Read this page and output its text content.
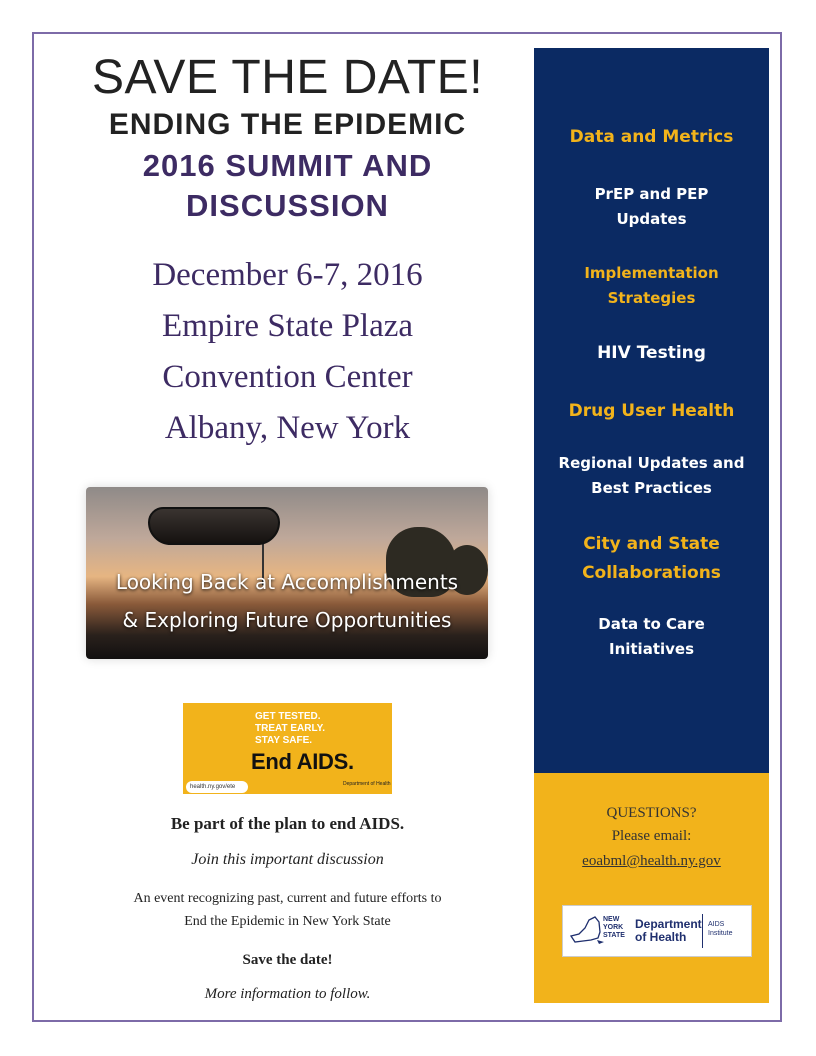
SAVE THE DATE!
ENDING THE EPIDEMIC
2016 SUMMIT AND
DISCUSSION
December 6-7, 2016
Empire State Plaza
Convention Center
Albany, New York
Looking Back at Accomplishments
& Exploring Future Opportunities
GET TESTED.
TREAT EARLY.
STAY SAFE.
End AIDS.
health.ny.gov/ete	Department of Health
Be part of the plan to end AIDS.
Join this important discussion
An event recognizing past, current and future efforts to
End the Epidemic in New York State
Save the date!
More information to follow.
Data and Metrics
PrEP and PEP
Updates
Implementation
Strategies
HIV Testing
Drug User Health
Regional Updates and
Best Practices
City and State
Collaborations
Data to Care
Initiatives
QUESTIONS?
Please email:
eoabml@health.ny.gov
NEW
YORK
STATE
Department
of Health
AIDS
Institute
